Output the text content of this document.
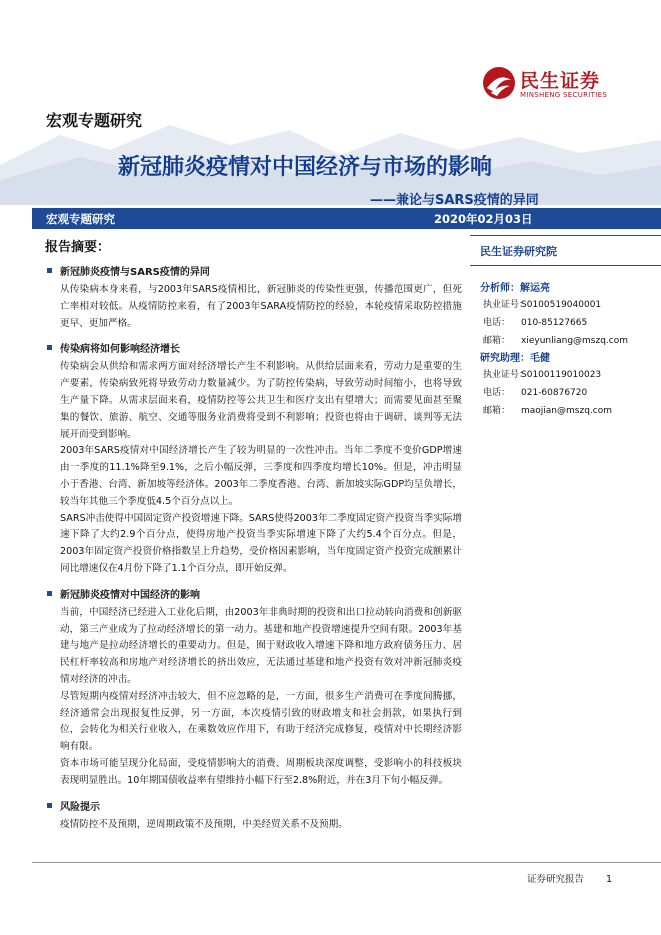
民生证券
MINSHENG SECURITIES
宏观专题研究
新冠肺炎疫情对中国经济与市场的影响
——兼论与SARS疫情的异同
宏观专题研究	2020年02月03日
报告摘要：
新冠肺炎疫情与SARS疫情的异同

从传染病本身来看，与2003年SARS疫情相比，新冠肺炎的传染性更强，传播范围更广，但死亡率相对较低。从疫情防控来看，有了2003年SARA疫情防控的经验，本轮疫情采取防控措施更早、更加严格。

传染病将如何影响经济增长

传染病会从供给和需求两方面对经济增长产生不利影响。从供给层面来看，劳动力是重要的生产要素，传染病致死将导致劳动力数量减少。为了防控传染病，导致劳动时间缩小，也将导致生产量下降。从需求层面来看，疫情防控等公共卫生和医疗支出有望增大；而需要见面甚至聚集的餐饮、旅游、航空、交通等服务业消费将受到不利影响；投资也将由于调研、谈判等无法展开而受到影响。

2003年SARS疫情对中国经济增长产生了较为明显的一次性冲击。当年二季度不变价GDP增速由一季度的11.1%降至9.1%，之后小幅反弹，三季度和四季度均增长10%。但是，冲击明显小于香港、台湾、新加坡等经济体。2003年二季度香港、台湾、新加坡实际GDP均呈负增长，较当年其他三个季度低4.5个百分点以上。

SARS冲击使得中国固定资产投资增速下降。SARS使得2003年二季度固定资产投资当季实际增速下降了大约2.9个百分点，使得房地产投资当季实际增速下降了大约5.4个百分点。但是，2003年固定资产投资价格指数呈上升趋势，受价格因素影响，当年度固定资产投资完成额累计同比增速仅在4月份下降了1.1个百分点，即开始反弹。

新冠肺炎疫情对中国经济的影响

当前，中国经济已经进入工业化后期，由2003年非典时期的投资和出口拉动转向消费和创新驱动，第三产业成为了拉动经济增长的第一动力。基建和地产投资增速提升空间有限。2003年基建与地产是拉动经济增长的重要动力。但是，囿于财政收入增速下降和地方政府债务压力、居民杠杆率较高和房地产对经济增长的挤出效应，无法通过基建和地产投资有效对冲新冠肺炎疫情对经济的冲击。

尽管短期内疫情对经济冲击较大，但不应忽略的是，一方面，很多生产消费可在季度间腾挪，经济通常会出现报复性反弹，另一方面，本次疫情引致的财政增支和社会捐款，如果执行到位，会转化为相关行业收入，在乘数效应作用下，有助于经济完成修复，疫情对中长期经济影响有限。

资本市场可能呈现分化局面，受疫情影响大的消费、周期板块深度调整，受影响小的科技板块表现明显胜出。10年期国债收益率有望维持小幅下行至2.8%附近，并在3月下旬小幅反弹。

风险提示

疫情防控不及预期，逆周期政策不及预期，中美经贸关系不及预期。

民生证券研究院
分析师：解运亮
执业证号：S0100519040001
电话： 010-85127665
邮箱： xieyunliang@mszq.com
研究助理：毛健
执业证号：S0100119010023
电话： 021-60876720
邮箱： maojian@mszq.com
证券研究报告 1
